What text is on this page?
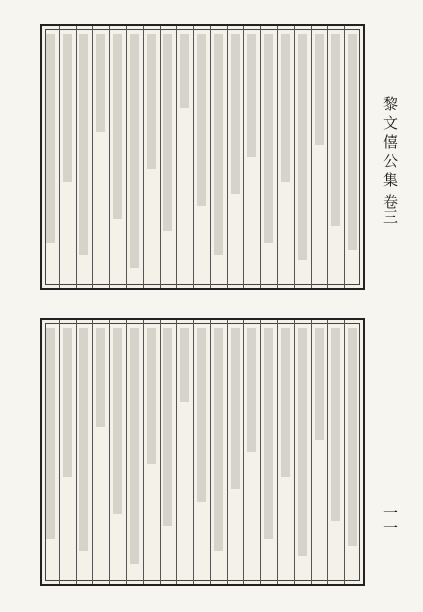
黎文僖公集
卷三
一一
